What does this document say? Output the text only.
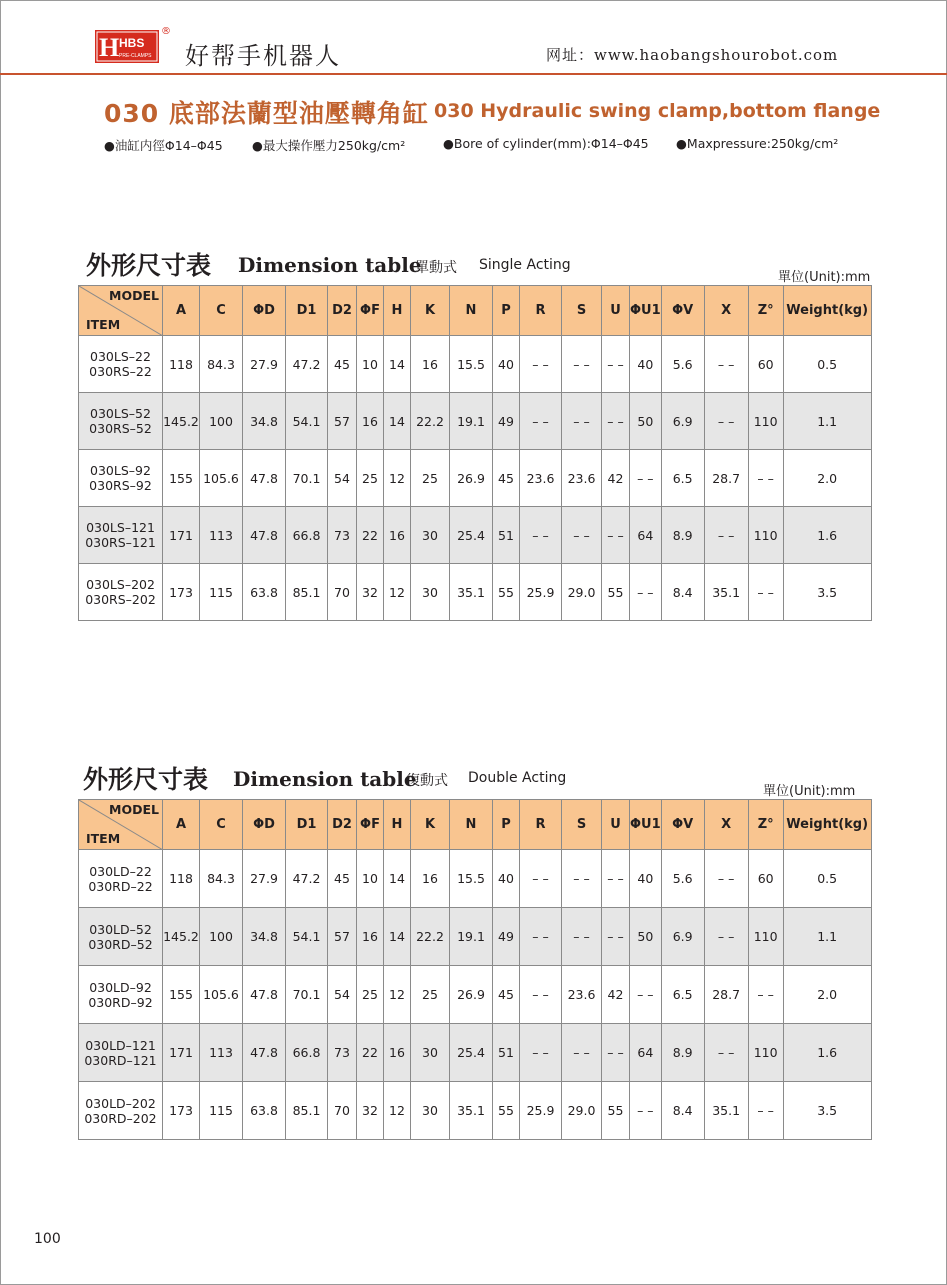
H HBS
PRE-CLAMPS
®
好帮手机器人	网址：www.haobangshourobot.com
030 底部法蘭型油壓轉角缸 030 Hydraulic swing clamp,bottom flange
●油缸内徑Φ14–Φ45 ●最大操作壓力250kg/cm²	●Bore of cylinder(mm):Φ14–Φ45 ●Maxpressure:250kg/cm²
外形尺寸表 Dimension table
單動式 Single Acting
單位(Unit):mm
MODEL
ITEM	A	C	ΦD	D1	D2	ΦF	H	K	N	P	R	S	U	ΦU1	ΦV	X	Z°	Weight(kg)

030LS–22
030RS–22	118	84.3	27.9	47.2	45	10	14	16	15.5	40	– –	– –	– –	40	5.6	– –	60	0.5

030LS–52
030RS–52	145.2	100	34.8	54.1	57	16	14	22.2	19.1	49	– –	– –	– –	50	6.9	– –	110	1.1

030LS–92
030RS–92	155	105.6	47.8	70.1	54	25	12	25	26.9	45	23.6	23.6	42	– –	6.5	28.7	– –	2.0

030LS–121
030RS–121	171	113	47.8	66.8	73	22	16	30	25.4	51	– –	– –	– –	64	8.9	– –	110	1.6

030LS–202
030RS–202	173	115	63.8	85.1	70	32	12	30	35.1	55	25.9	29.0	55	– –	8.4	35.1	– –	3.5
外形尺寸表 Dimension table
復動式 Double Acting
單位(Unit):mm
MODEL
ITEM	A	C	ΦD	D1	D2	ΦF	H	K	N	P	R	S	U	ΦU1	ΦV	X	Z°	Weight(kg)

030LD–22
030RD–22	118	84.3	27.9	47.2	45	10	14	16	15.5	40	– –	– –	– –	40	5.6	– –	60	0.5

030LD–52
030RD–52	145.2	100	34.8	54.1	57	16	14	22.2	19.1	49	– –	– –	– –	50	6.9	– –	110	1.1

030LD–92
030RD–92	155	105.6	47.8	70.1	54	25	12	25	26.9	45	– –	23.6	42	– –	6.5	28.7	– –	2.0

030LD–121
030RD–121	171	113	47.8	66.8	73	22	16	30	25.4	51	– –	– –	– –	64	8.9	– –	110	1.6

030LD–202
030RD–202	173	115	63.8	85.1	70	32	12	30	35.1	55	25.9	29.0	55	– –	8.4	35.1	– –	3.5
100
